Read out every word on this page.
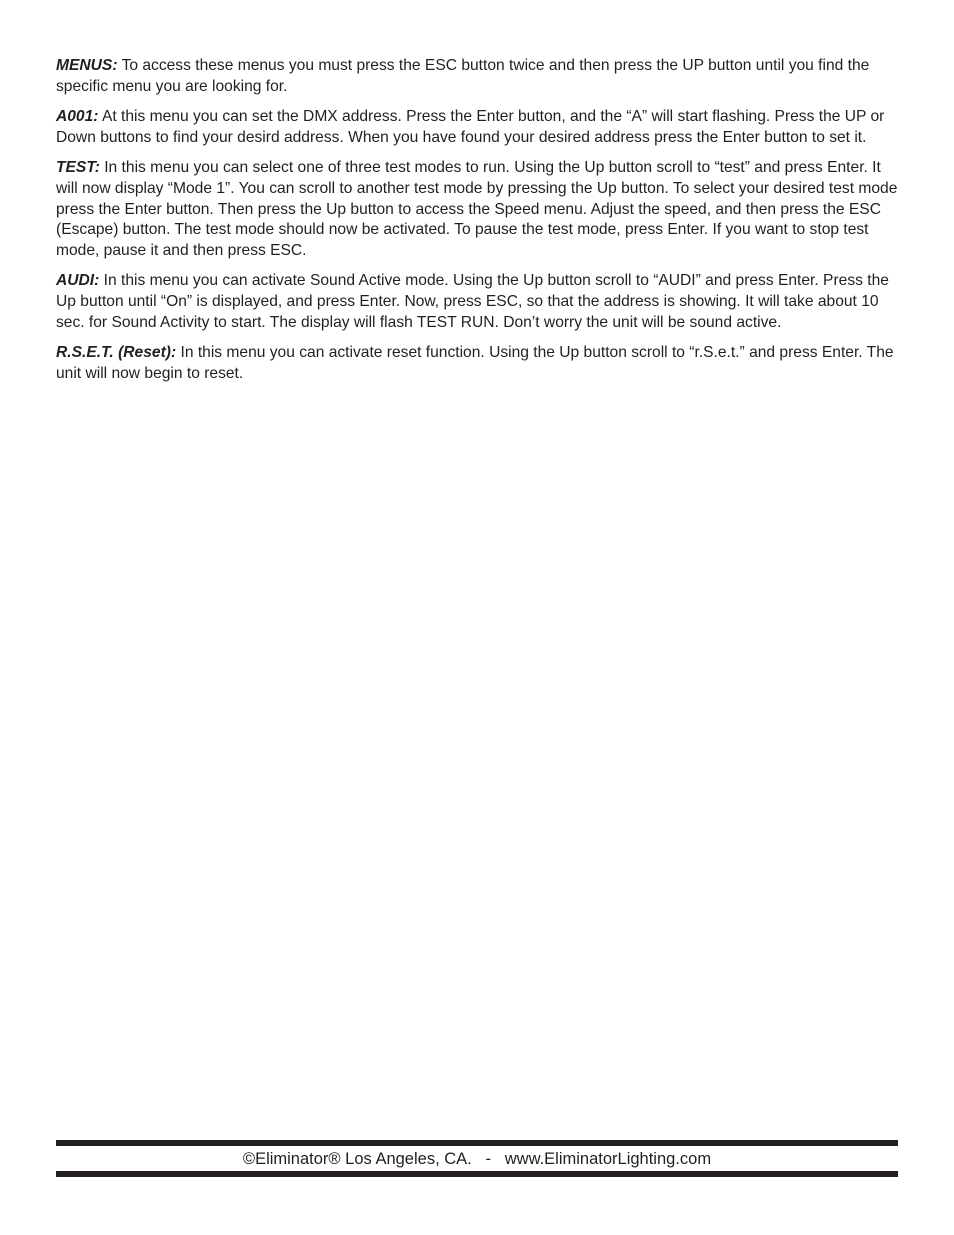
MENUS: To access these menus you must press the ESC button twice and then press the UP button until you find the specific menu you are looking for.

A001: At this menu you can set the DMX address. Press the Enter button, and the “A” will start flashing. Press the UP or Down buttons to find your desird address. When you have found your desired address press the Enter button to set it.

TEST: In this menu you can select one of three test modes to run. Using the Up button scroll to “test” and press Enter. It will now display “Mode 1”. You can scroll to another test mode by pressing the Up button. To select your desired test mode press the Enter button. Then press the Up button to access the Speed menu. Adjust the speed, and then press the ESC (Escape) button. The test mode should now be activated. To pause the test mode, press Enter. If you want to stop test mode, pause it and then press ESC.

AUDI: In this menu you can activate Sound Active mode. Using the Up button scroll to “AUDI” and press Enter. Press the Up button until “On” is displayed, and press Enter. Now, press ESC, so that the address is showing. It will take about 10 sec. for Sound Activity to start. The display will flash TEST RUN. Don’t worry the unit will be sound active.

R.S.E.T. (Reset): In this menu you can activate reset function. Using the Up button scroll to “r.S.e.t.” and press Enter. The unit will now begin to reset.

©Eliminator® Los Angeles, CA.   -   www.EliminatorLighting.com
